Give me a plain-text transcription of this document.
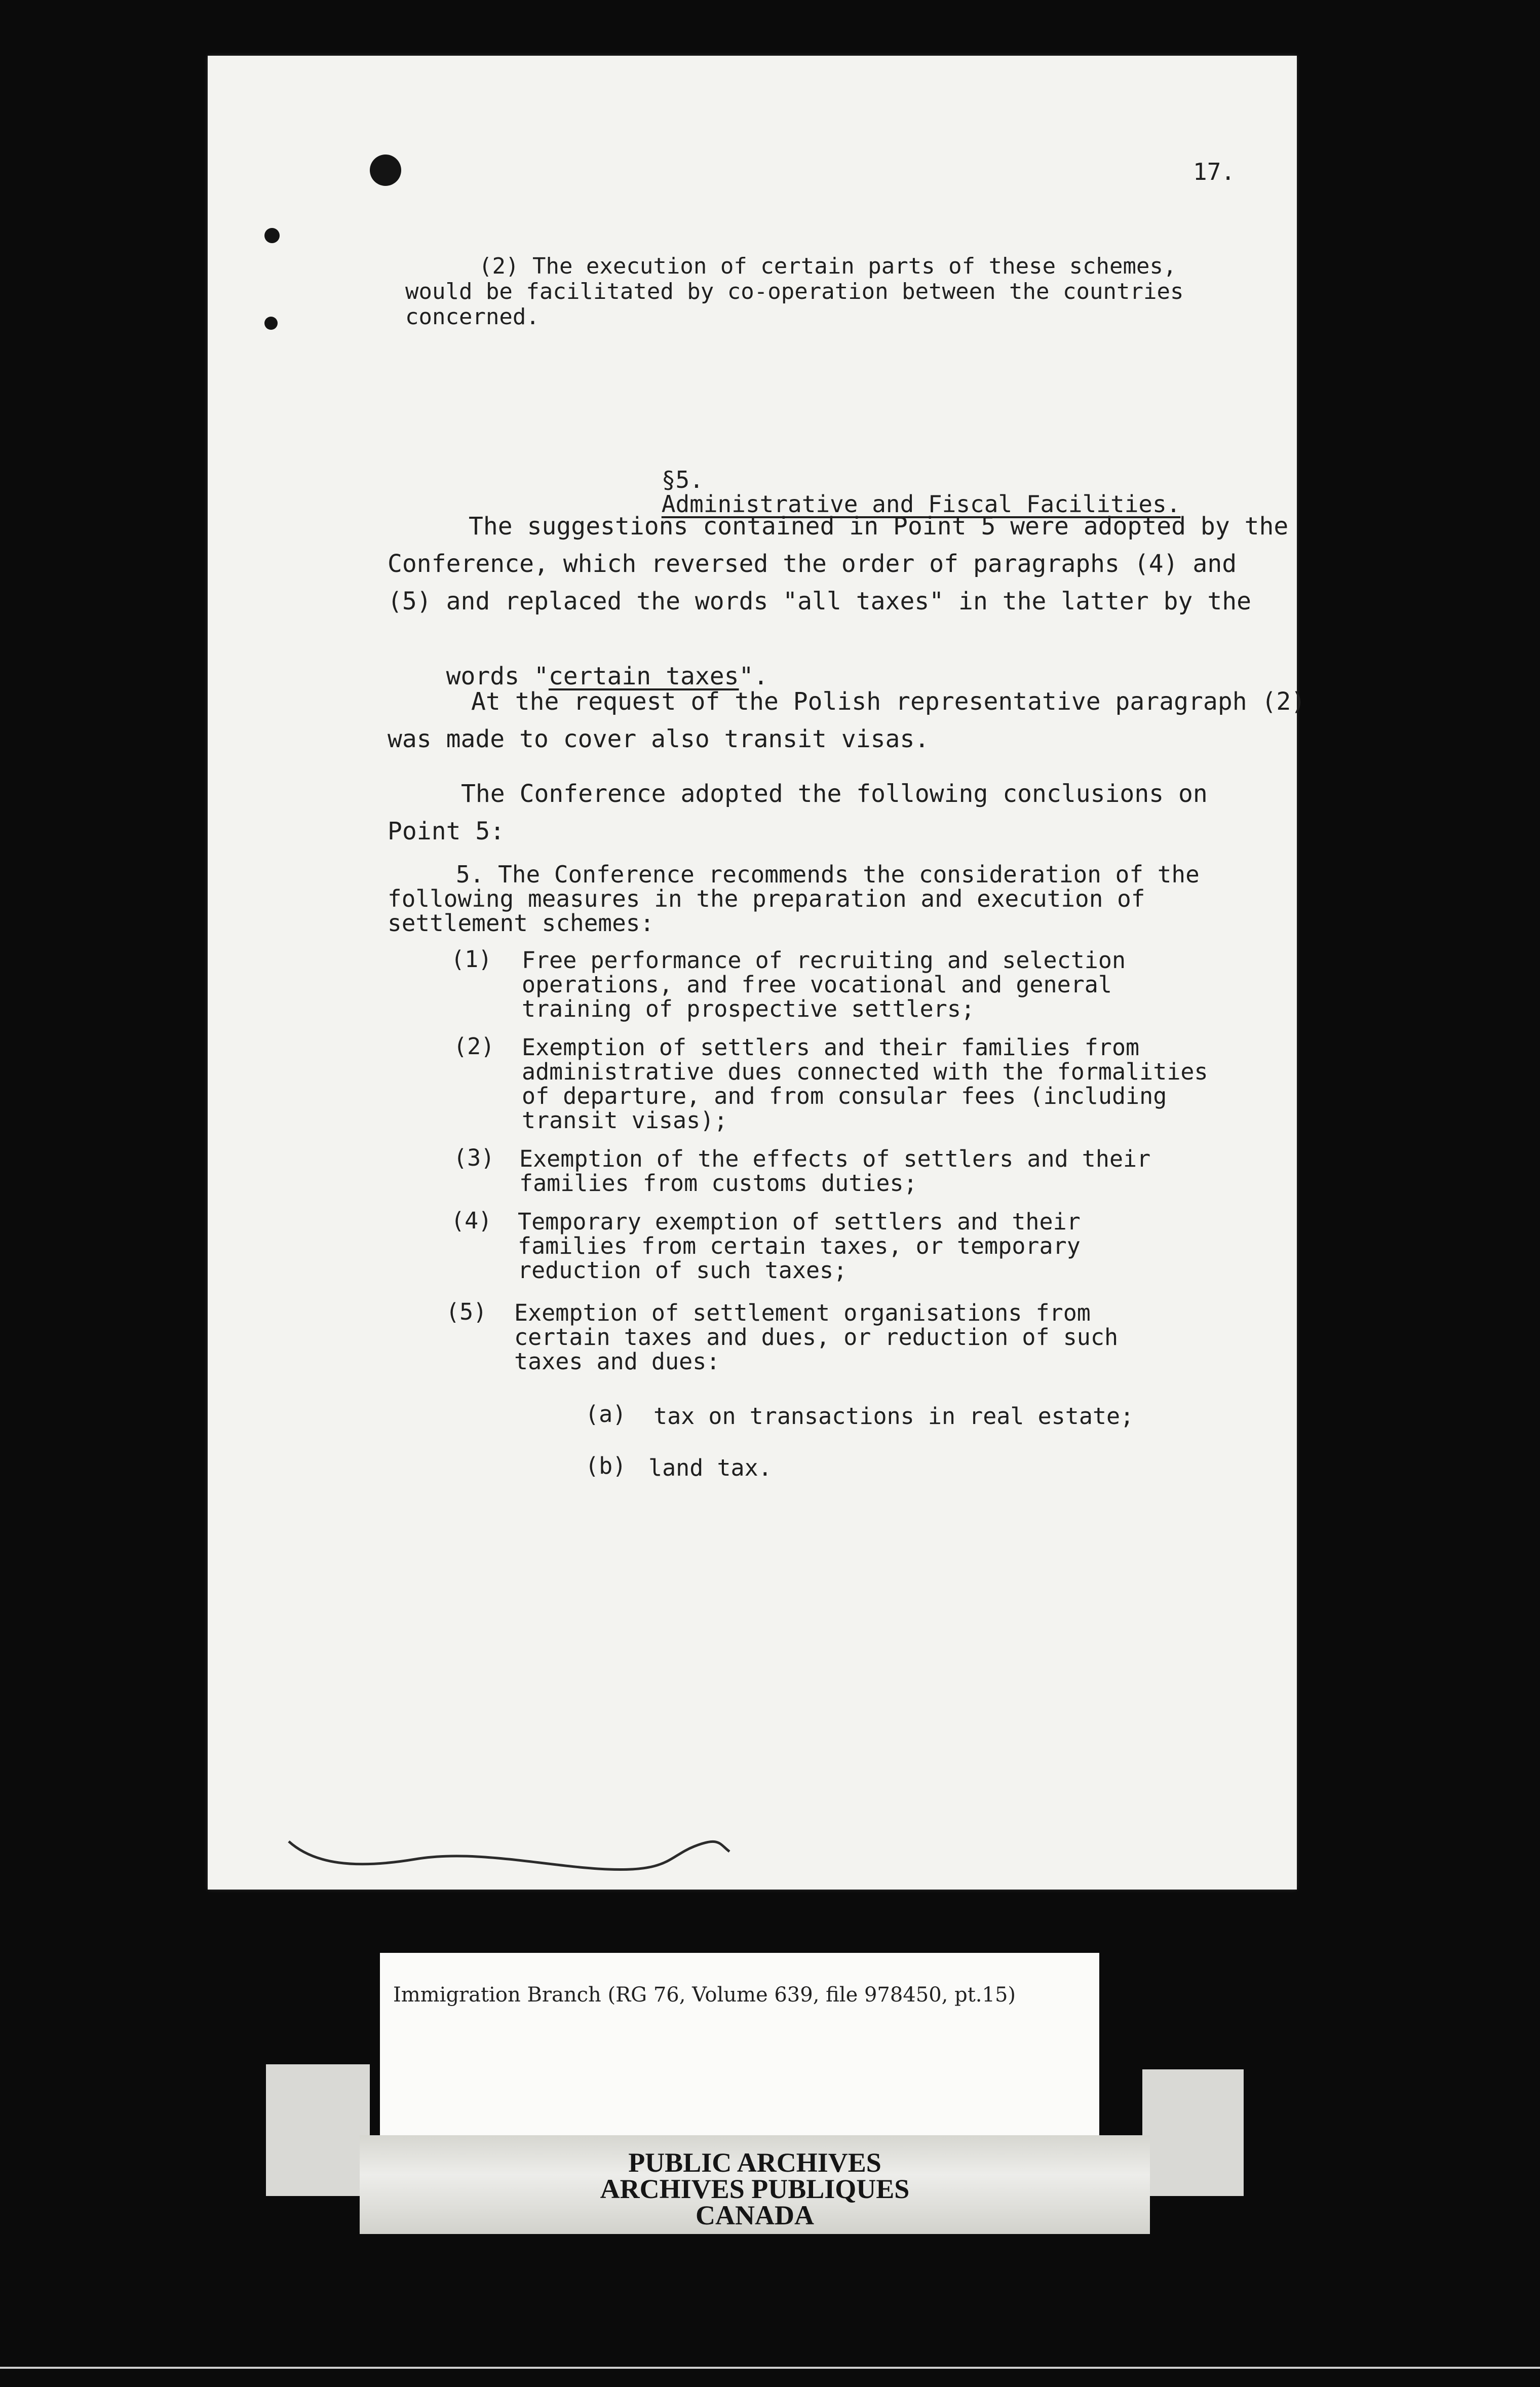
17.
(2) The execution of certain parts of these schemes,
would be facilitated by co-operation between the countries
concerned.

§5.
Administrative and Fiscal Facilities.

The suggestions contained in Point 5 were adopted by the
Conference, which reversed the order of paragraphs (4) and
(5) and replaced the words "all taxes" in the latter by the

words "certain taxes".

At the request of the Polish representative paragraph (2)
was made to cover also transit visas.
The Conference adopted the following conclusions on
Point 5:
5. The Conference recommends the consideration of the
following measures in the preparation and execution of
settlement schemes:
(1) Free performance of recruiting and selection
operations, and free vocational and general
training of prospective settlers;
(2) Exemption of settlers and their families from
administrative dues connected with the formalities
of departure, and from consular fees (including
transit visas);
(3) Exemption of the effects of settlers and their
families from customs duties;
(4) Temporary exemption of settlers and their
families from certain taxes, or temporary
reduction of such taxes;
(5) Exemption of settlement organisations from
certain taxes and dues, or reduction of such
taxes and dues:
(a) tax on transactions in real estate;
(b) land tax.
Immigration Branch (RG 76, Volume 639, file 978450, pt.15)
PUBLIC ARCHIVES
ARCHIVES PUBLIQUES
CANADA
